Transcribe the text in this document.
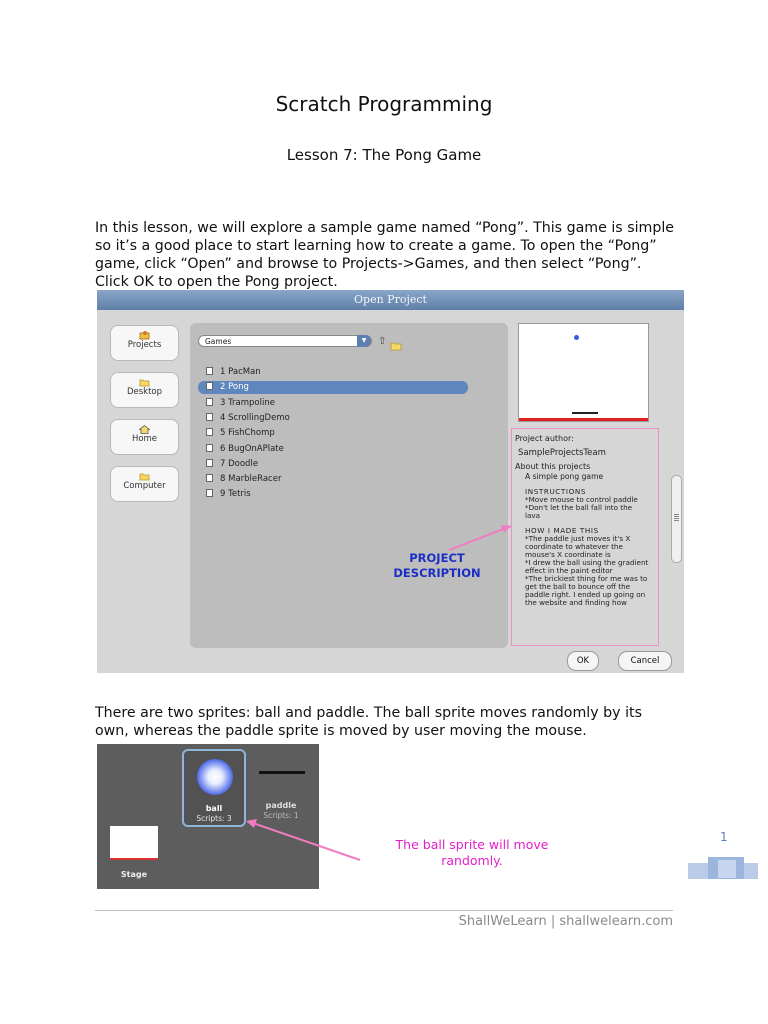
Scratch Programming
Lesson 7: The Pong Game
In this lesson, we will explore a sample game named “Pong”. This game is simple so it’s a good place to start learning how to create a game. To open the “Pong” game, click “Open” and browse to Projects->Games, and then select “Pong”. Click OK to open the Pong project.
Open Project
Projects
Desktop
Home
Computer
Games	▼	⇧
1 PacMan
2 Pong
3 Trampoline
4 ScrollingDemo
5 FishChomp
6 BugOnAPlate
7 Doodle
8 MarbleRacer
9 Tetris
Project author:
SampleProjectsTeam
About this projects
A simple pong game
INSTRUCTIONS
*Move mouse to control paddle
*Don't let the ball fall into the
lava
HOW I MADE THIS
*The paddle just moves it's X
coordinate to whatever the
mouse's X coordinate is
*I drew the ball using the gradient
effect in the paint editor
*The brickiest thing for me was to
get the ball to bounce off the
paddle right. I ended up going on
the website and finding how
PROJECT DESCRIPTION
OK	Cancel
There are two sprites: ball and paddle. The ball sprite moves randomly by its own, whereas the paddle sprite is moved by user moving the mouse.
ball
Scripts: 3
paddle
Scripts: 1
Stage
The ball sprite will move randomly.
1
ShallWeLearn | shallwelearn.com
